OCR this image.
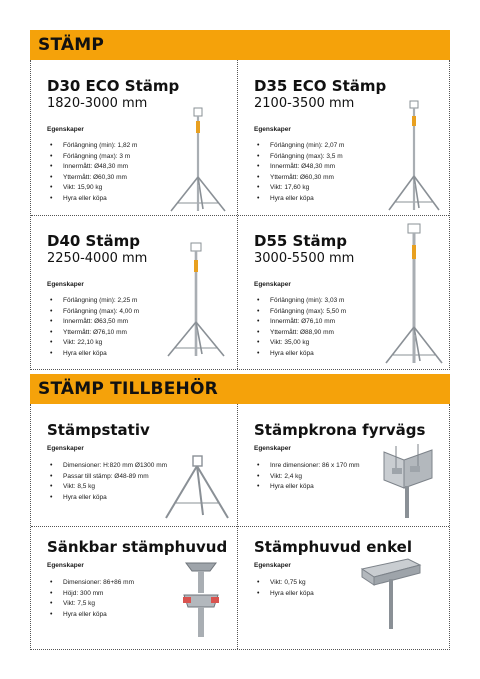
STÄMP
D30 ECO Stämp
1820-3000 mm
Egenskaper
• Förlängning (min): 1,82 m
• Förlängning (max): 3 m
• Innermått: Ø48,30 mm
• Yttermått: Ø60,30 mm
• Vikt: 15,90 kg
• Hyra eller köpa
D35 ECO Stämp
2100-3500 mm
Egenskaper
• Förlängning (min): 2,07 m
• Förlängning (max): 3,5 m
• Innermått: Ø48,30 mm
• Yttermått: Ø60,30 mm
• Vikt: 17,60 kg
• Hyra eller köpa
D40 Stämp
2250-4000 mm
Egenskaper
• Förlängning (min): 2,25 m
• Förlängning (max): 4,00 m
• Innermått: Ø63,50 mm
• Yttermått: Ø76,10 mm
• Vikt: 22,10 kg
• Hyra eller köpa
D55 Stämp
3000-5500 mm
Egenskaper
• Förlängning (min): 3,03 m
• Förlängning (max): 5,50 m
• Innermått: Ø76,10 mm
• Yttermått: Ø88,90 mm
• Vikt: 35,00 kg
• Hyra eller köpa
STÄMP TILLBEHÖR
Stämpstativ
Egenskaper
• Dimensioner: H:820 mm Ø1300 mm
• Passar till stämp: Ø48-89 mm
• Vikt: 8,5 kg
• Hyra eller köpa
Stämpkrona fyrvägs
Egenskaper
• Inre dimensioner: 86 x 170 mm
• Vikt: 2,4 kg
• Hyra eller köpa
Sänkbar stämphuvud
Egenskaper
• Dimensioner: 86+86 mm
• Höjd: 300 mm
• Vikt: 7,5 kg
• Hyra eller köpa
Stämphuvud enkel
Egenskaper
• Vikt: 0,75 kg
• Hyra eller köpa
